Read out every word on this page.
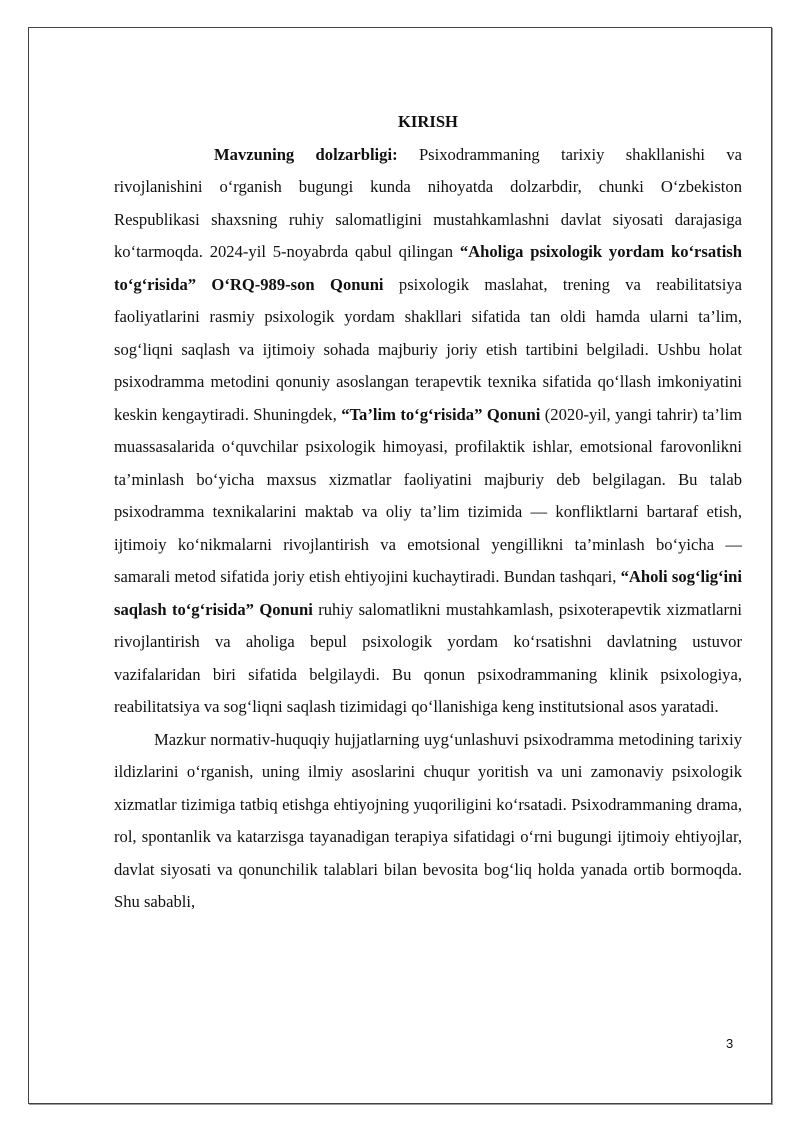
KIRISH

Mavzuning dolzarbligi: Psixodrammaning tarixiy shakllanishi va rivojlanishini oʻrganish bugungi kunda nihoyatda dolzarbdir, chunki Oʻzbekiston Respublikasi shaxsning ruhiy salomatligini mustahkamlashni davlat siyosati darajasiga koʻtarmoqda. 2024-yil 5-noyabrda qabul qilingan “Aholiga psixologik yordam koʻrsatish toʻgʻrisida” OʻRQ-989-son Qonuni psixologik maslahat, trening va reabilitatsiya faoliyatlarini rasmiy psixologik yordam shakllari sifatida tan oldi hamda ularni ta’lim, sogʻliqni saqlash va ijtimoiy sohada majburiy joriy etish tartibini belgiladi. Ushbu holat psixodramma metodini qonuniy asoslangan terapevtik texnika sifatida qoʻllash imkoniyatini keskin kengaytiradi. Shuningdek, “Ta’lim toʻgʻrisida” Qonuni (2020-yil, yangi tahrir) ta’lim muassasalarida oʻquvchilar psixologik himoyasi, profilaktik ishlar, emotsional farovonlikni ta’minlash boʻyicha maxsus xizmatlar faoliyatini majburiy deb belgilagan. Bu talab psixodramma texnikalarini maktab va oliy ta’lim tizimida — konfliktlarni bartaraf etish, ijtimoiy koʻnikmalarni rivojlantirish va emotsional yengillikni ta’minlash boʻyicha — samarali metod sifatida joriy etish ehtiyojini kuchaytiradi. Bundan tashqari, “Aholi sogʻligʻini saqlash toʻgʻrisida” Qonuni ruhiy salomatlikni mustahkamlash, psixoterapevtik xizmatlarni rivojlantirish va aholiga bepul psixologik yordam koʻrsatishni davlatning ustuvor vazifalaridan biri sifatida belgilaydi. Bu qonun psixodrammaning klinik psixologiya, reabilitatsiya va sogʻliqni saqlash tizimidagi qoʻllanishiga keng institutsional asos yaratadi.

Mazkur normativ-huquqiy hujjatlarning uygʻunlashuvi psixodramma metodining tarixiy ildizlarini oʻrganish, uning ilmiy asoslarini chuqur yoritish va uni zamonaviy psixologik xizmatlar tizimiga tatbiq etishga ehtiyojning yuqoriligini koʻrsatadi. Psixodrammaning drama, rol, spontanlik va katarzisga tayanadigan terapiya sifatidagi oʻrni bugungi ijtimoiy ehtiyojlar, davlat siyosati va qonunchilik talablari bilan bevosita bogʻliq holda yanada ortib bormoqda. Shu sababli,

3
